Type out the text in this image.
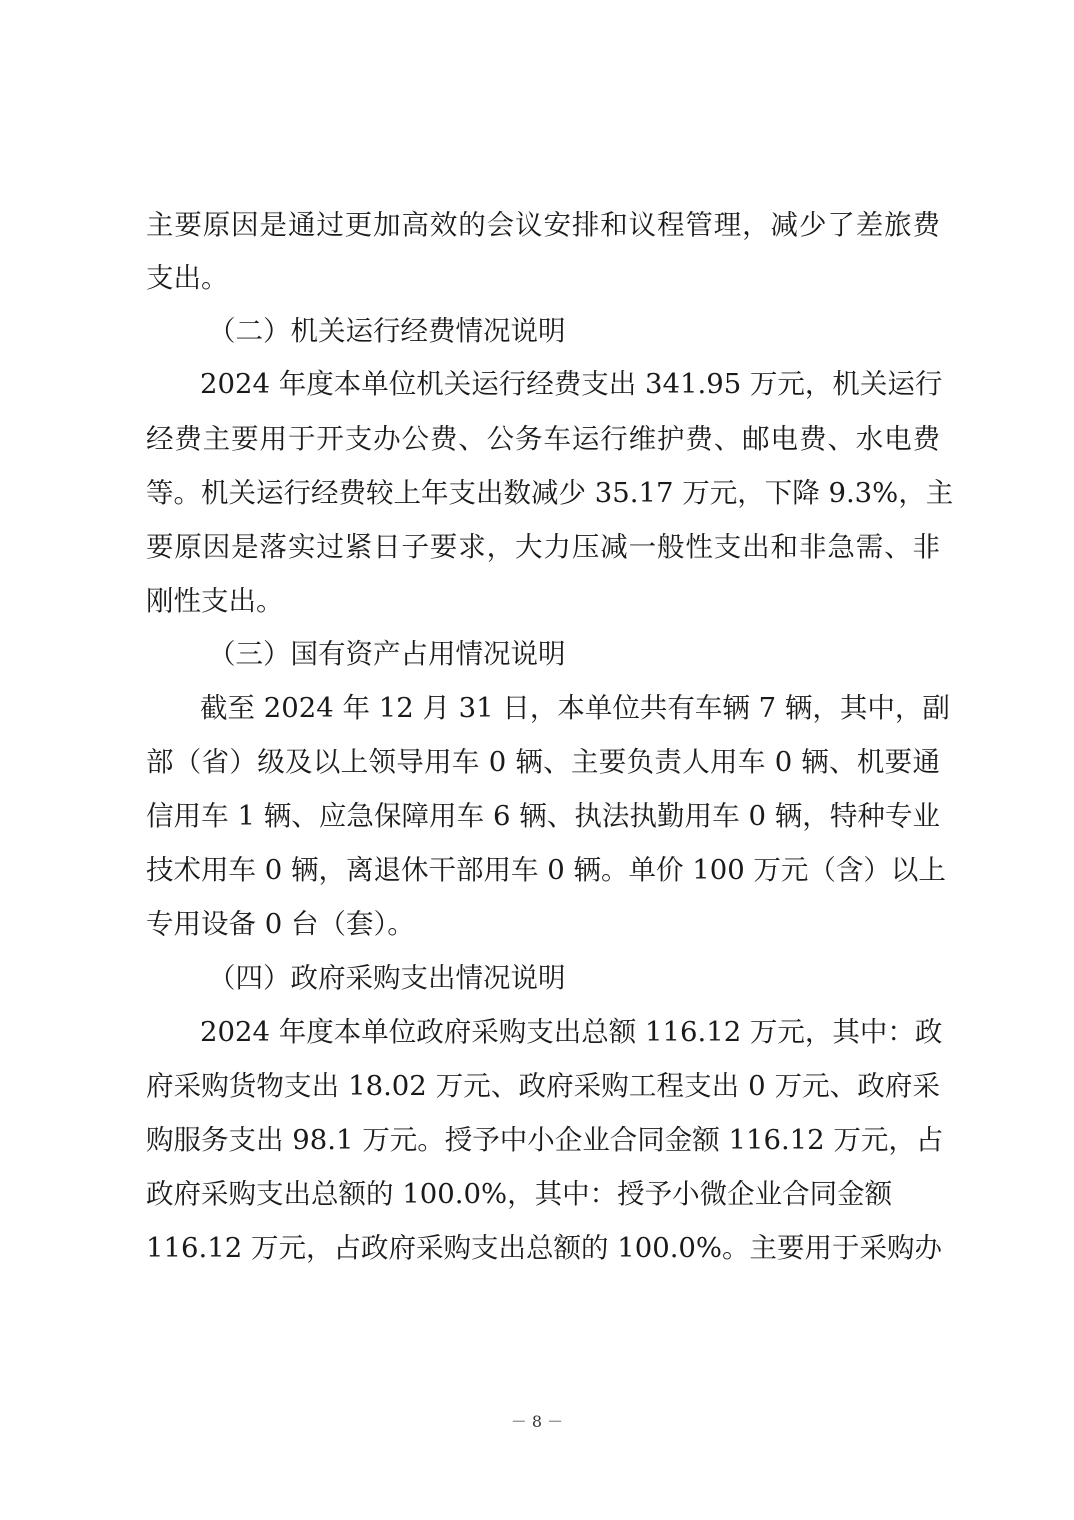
主要原因是通过更加高效的会议安排和议程管理，减少了差旅费
支出。
（二）机关运行经费情况说明
2024 年度本单位机关运行经费支出 341.95 万元，机关运行
经费主要用于开支办公费、公务车运行维护费、邮电费、水电费
等。机关运行经费较上年支出数减少 35.17 万元，下降 9.3%，主
要原因是落实过紧日子要求，大力压减一般性支出和非急需、非
刚性支出。
（三）国有资产占用情况说明
截至 2024 年 12 月 31 日，本单位共有车辆 7 辆，其中，副
部（省）级及以上领导用车 0 辆、主要负责人用车 0 辆、机要通
信用车 1 辆、应急保障用车 6 辆、执法执勤用车 0 辆，特种专业
技术用车 0 辆，离退休干部用车 0 辆。单价 100 万元（含）以上
专用设备 0 台（套）。
（四）政府采购支出情况说明
2024 年度本单位政府采购支出总额 116.12 万元，其中：政
府采购货物支出 18.02 万元、政府采购工程支出 0 万元、政府采
购服务支出 98.1 万元。授予中小企业合同金额 116.12 万元，占
政府采购支出总额的 100.0%，其中：授予小微企业合同金额
116.12 万元，占政府采购支出总额的 100.0%。主要用于采购办
－ 8 －
